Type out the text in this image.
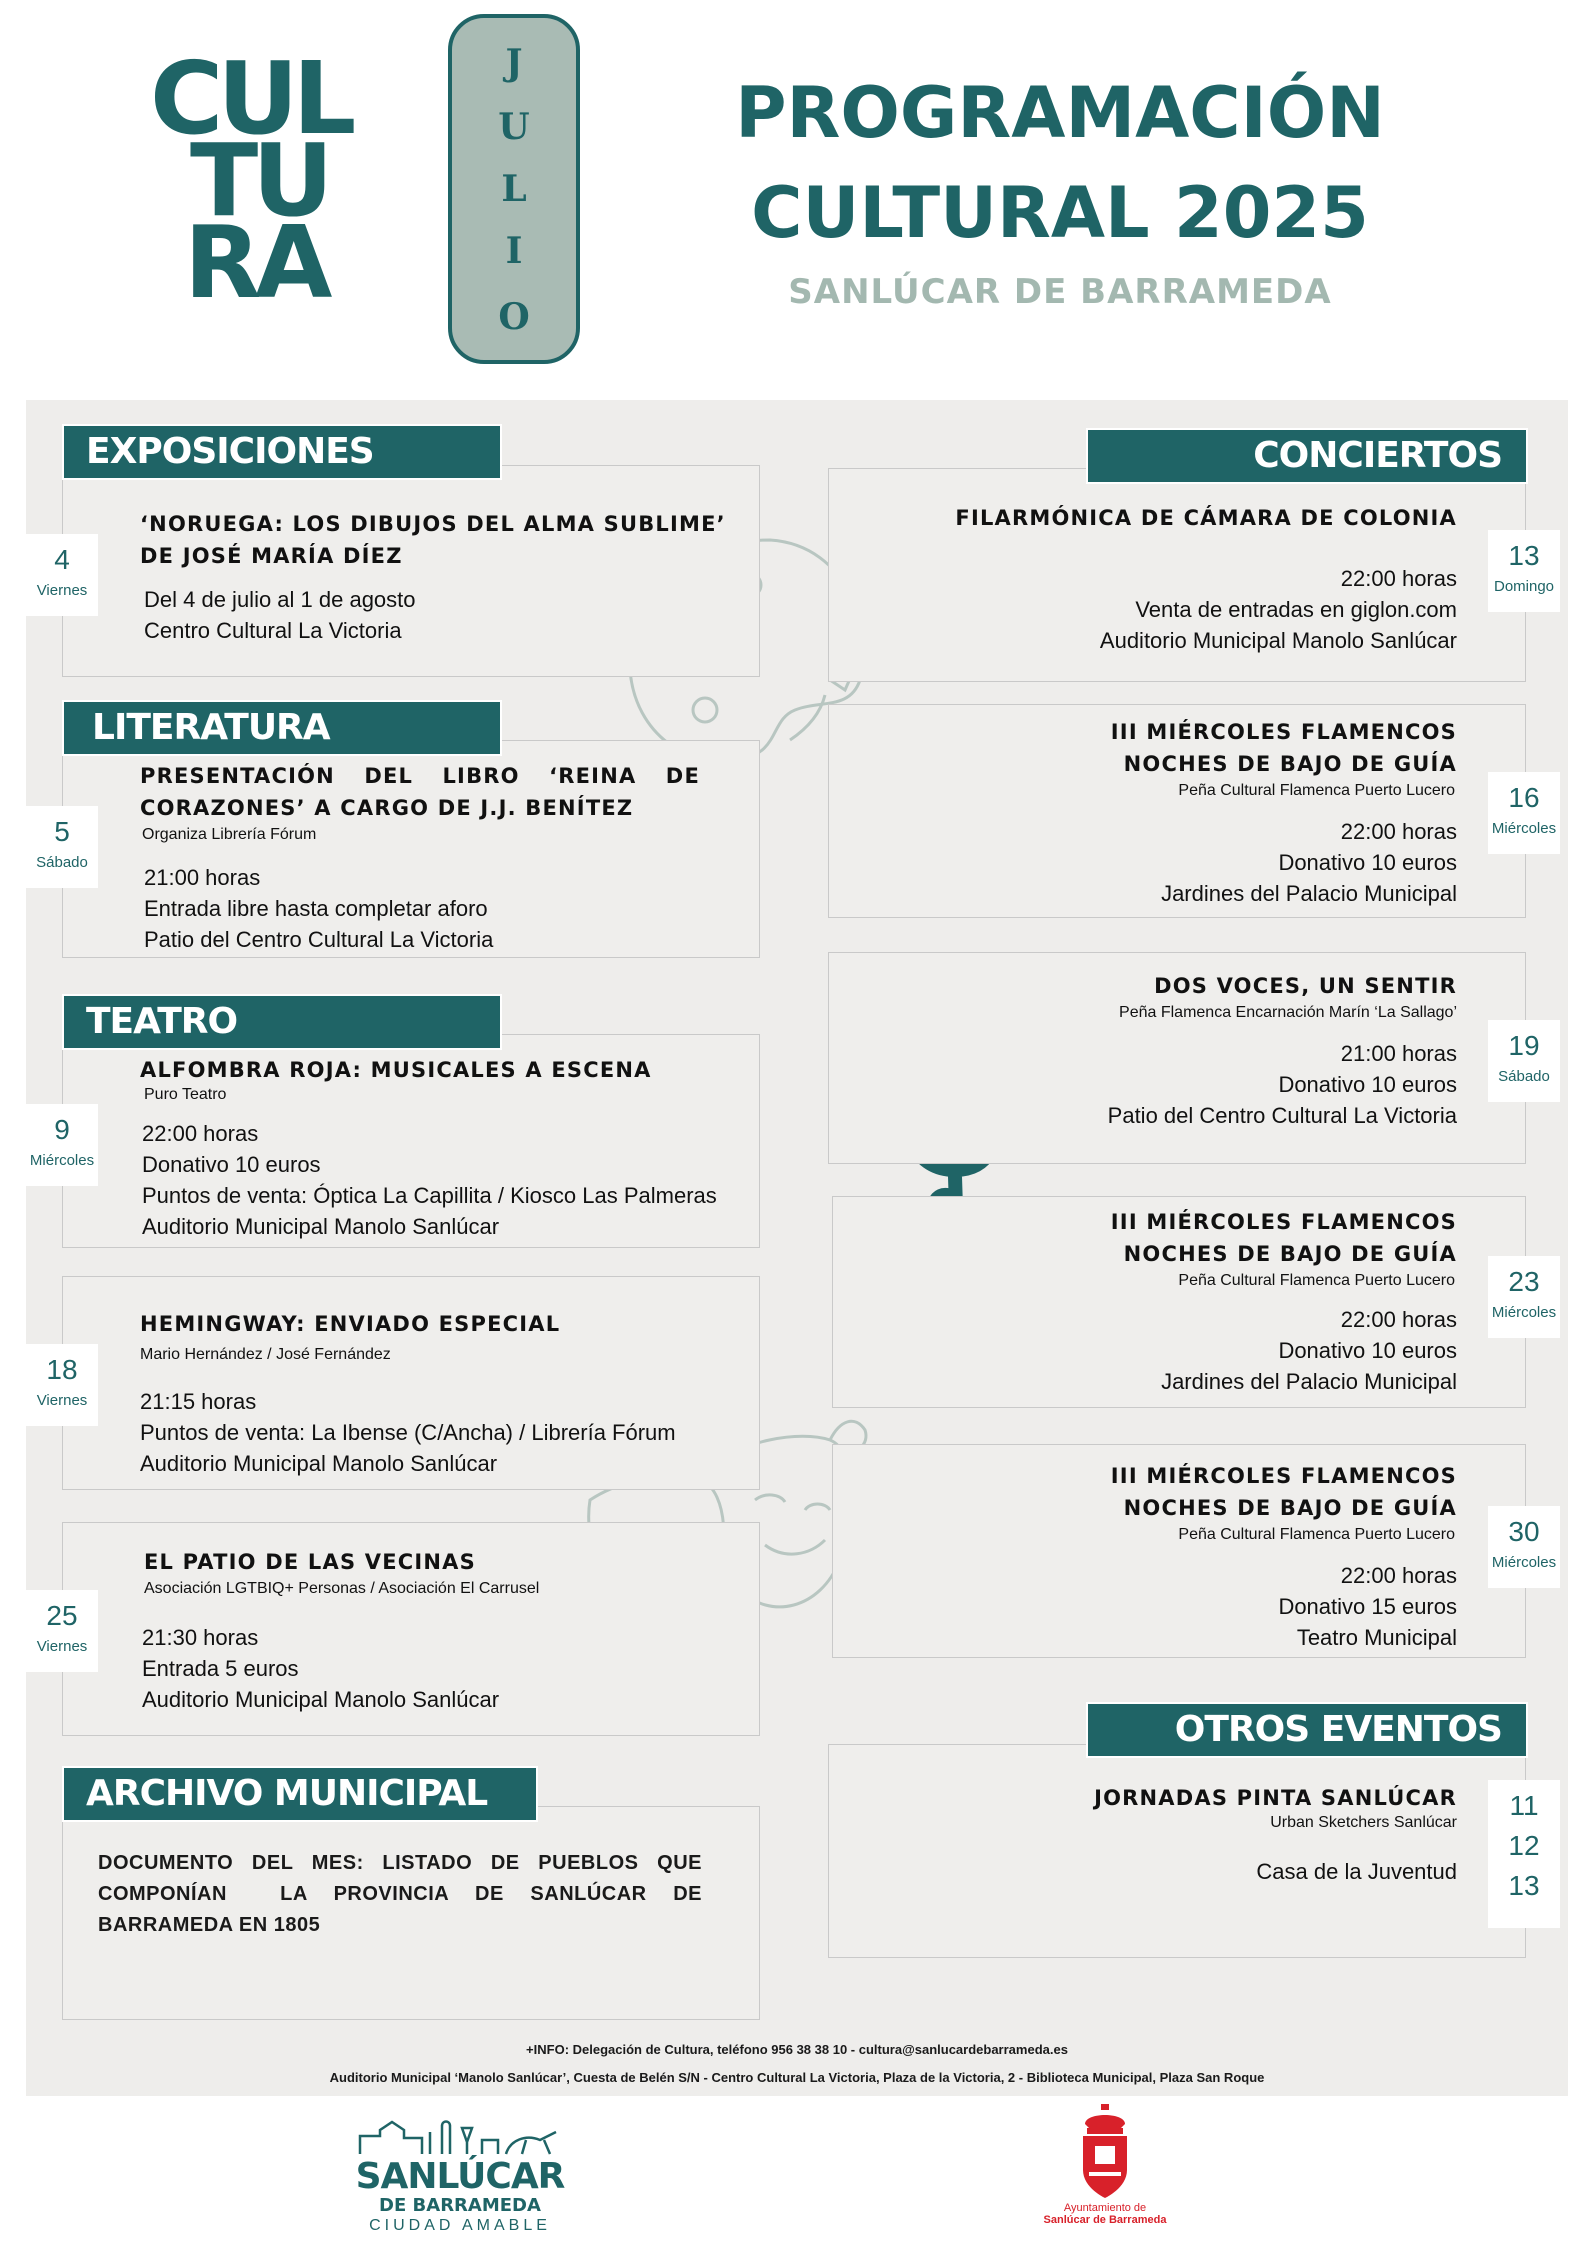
CUL
TU
RA
J
U
L
I
O
PROGRAMACIÓN
CULTURAL 2025
SANLÚCAR DE BARRAMEDA
EXPOSICIONES
4
Viernes
‘NORUEGA: LOS DIBUJOS DEL ALMA SUBLIME’
DE JOSÉ MARÍA DÍEZ
Del 4 de julio al 1 de agosto
Centro Cultural La Victoria
LITERATURA
5
Sábado
PRESENTACIÓN DEL LIBRO ‘REINA DE
CORAZONES’ A CARGO DE J.J. BENÍTEZ
Organiza Librería Fórum
21:00 horas
Entrada libre hasta completar aforo
Patio del Centro Cultural La Victoria
TEATRO
9
Miércoles
ALFOMBRA ROJA: MUSICALES A ESCENA
Puro Teatro
22:00 horas
Donativo 10 euros
Puntos de venta: Óptica La Capillita / Kiosco Las Palmeras
Auditorio Municipal Manolo Sanlúcar
18
Viernes
HEMINGWAY: ENVIADO ESPECIAL
Mario Hernández / José Fernández
21:15 horas
Puntos de venta: La Ibense (C/Ancha) / Librería Fórum
Auditorio Municipal Manolo Sanlúcar
25
Viernes
EL PATIO DE LAS VECINAS
Asociación LGTBIQ+ Personas / Asociación El Carrusel
21:30 horas
Entrada 5 euros
Auditorio Municipal Manolo Sanlúcar
ARCHIVO MUNICIPAL
DOCUMENTO DEL MES: LISTADO DE PUEBLOS QUE
COMPONÍAN  LA PROVINCIA DE SANLÚCAR DE
BARRAMEDA EN 1805
CONCIERTOS
13
Domingo
FILARMÓNICA DE CÁMARA DE COLONIA
22:00 horas
Venta de entradas en giglon.com
Auditorio Municipal Manolo Sanlúcar
16
Miércoles
III MIÉRCOLES FLAMENCOS
NOCHES DE BAJO DE GUÍA
Peña Cultural Flamenca Puerto Lucero
22:00 horas
Donativo 10 euros
Jardines del Palacio Municipal
19
Sábado
DOS VOCES, UN SENTIR
Peña Flamenca Encarnación Marín ‘La Sallago’
21:00 horas
Donativo 10 euros
Patio del Centro Cultural La Victoria
23
Miércoles
III MIÉRCOLES FLAMENCOS
NOCHES DE BAJO DE GUÍA
Peña Cultural Flamenca Puerto Lucero
22:00 horas
Donativo 10 euros
Jardines del Palacio Municipal
30
Miércoles
III MIÉRCOLES FLAMENCOS
NOCHES DE BAJO DE GUÍA
Peña Cultural Flamenca Puerto Lucero
22:00 horas
Donativo 15 euros
Teatro Municipal
OTROS EVENTOS
11
12
13
JORNADAS PINTA SANLÚCAR
Urban Sketchers Sanlúcar
Casa de la Juventud
+INFO: Delegación de Cultura, teléfono 956 38 38 10 - cultura@sanlucardebarrameda.es
Auditorio Municipal ‘Manolo Sanlúcar’, Cuesta de Belén S/N - Centro Cultural La Victoria, Plaza de la Victoria, 2 - Biblioteca Municipal, Plaza San Roque
SANLÚCAR
DE BARRAMEDA
CIUDAD AMABLE
Ayuntamiento de
Sanlúcar de Barrameda
